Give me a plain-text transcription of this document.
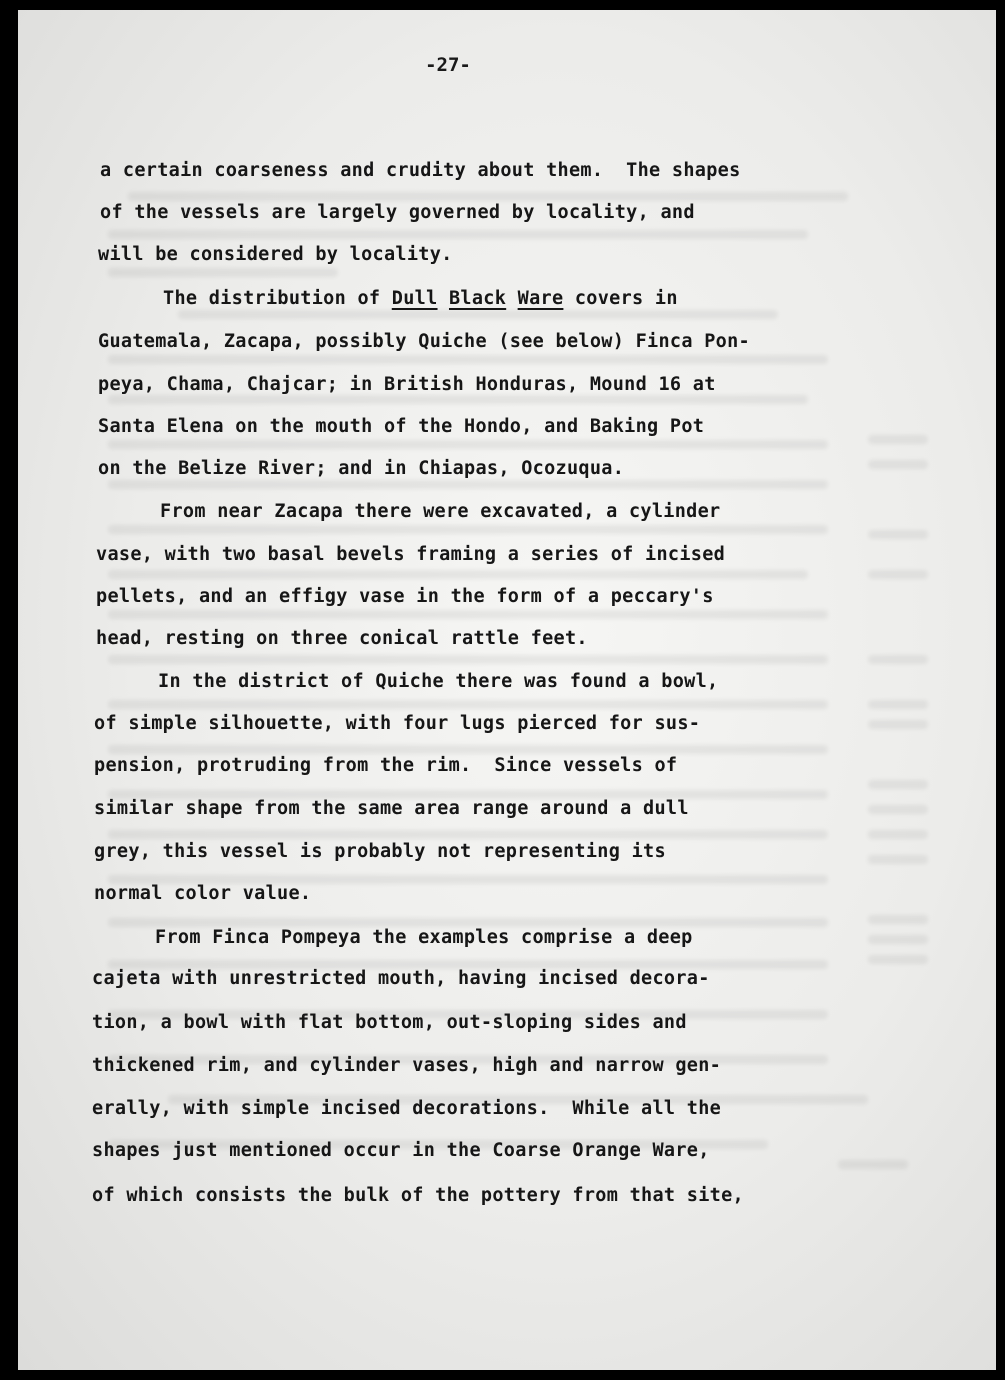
-27-
a certain coarseness and crudity about them.  The shapes
of the vessels are largely governed by locality, and
will be considered by locality.
The distribution of Dull Black Ware covers in
Guatemala, Zacapa, possibly Quiche (see below) Finca Pon-
peya, Chama, Chajcar; in British Honduras, Mound 16 at
Santa Elena on the mouth of the Hondo, and Baking Pot
on the Belize River; and in Chiapas, Ocozuqua.
From near Zacapa there were excavated, a cylinder
vase, with two basal bevels framing a series of incised
pellets, and an effigy vase in the form of a peccary's
head, resting on three conical rattle feet.
In the district of Quiche there was found a bowl,
of simple silhouette, with four lugs pierced for sus-
pension, protruding from the rim.  Since vessels of
similar shape from the same area range around a dull
grey, this vessel is probably not representing its
normal color value.
From Finca Pompeya the examples comprise a deep
cajeta with unrestricted mouth, having incised decora-
tion, a bowl with flat bottom, out-sloping sides and
thickened rim, and cylinder vases, high and narrow gen-
erally, with simple incised decorations.  While all the
shapes just mentioned occur in the Coarse Orange Ware,
of which consists the bulk of the pottery from that site,
